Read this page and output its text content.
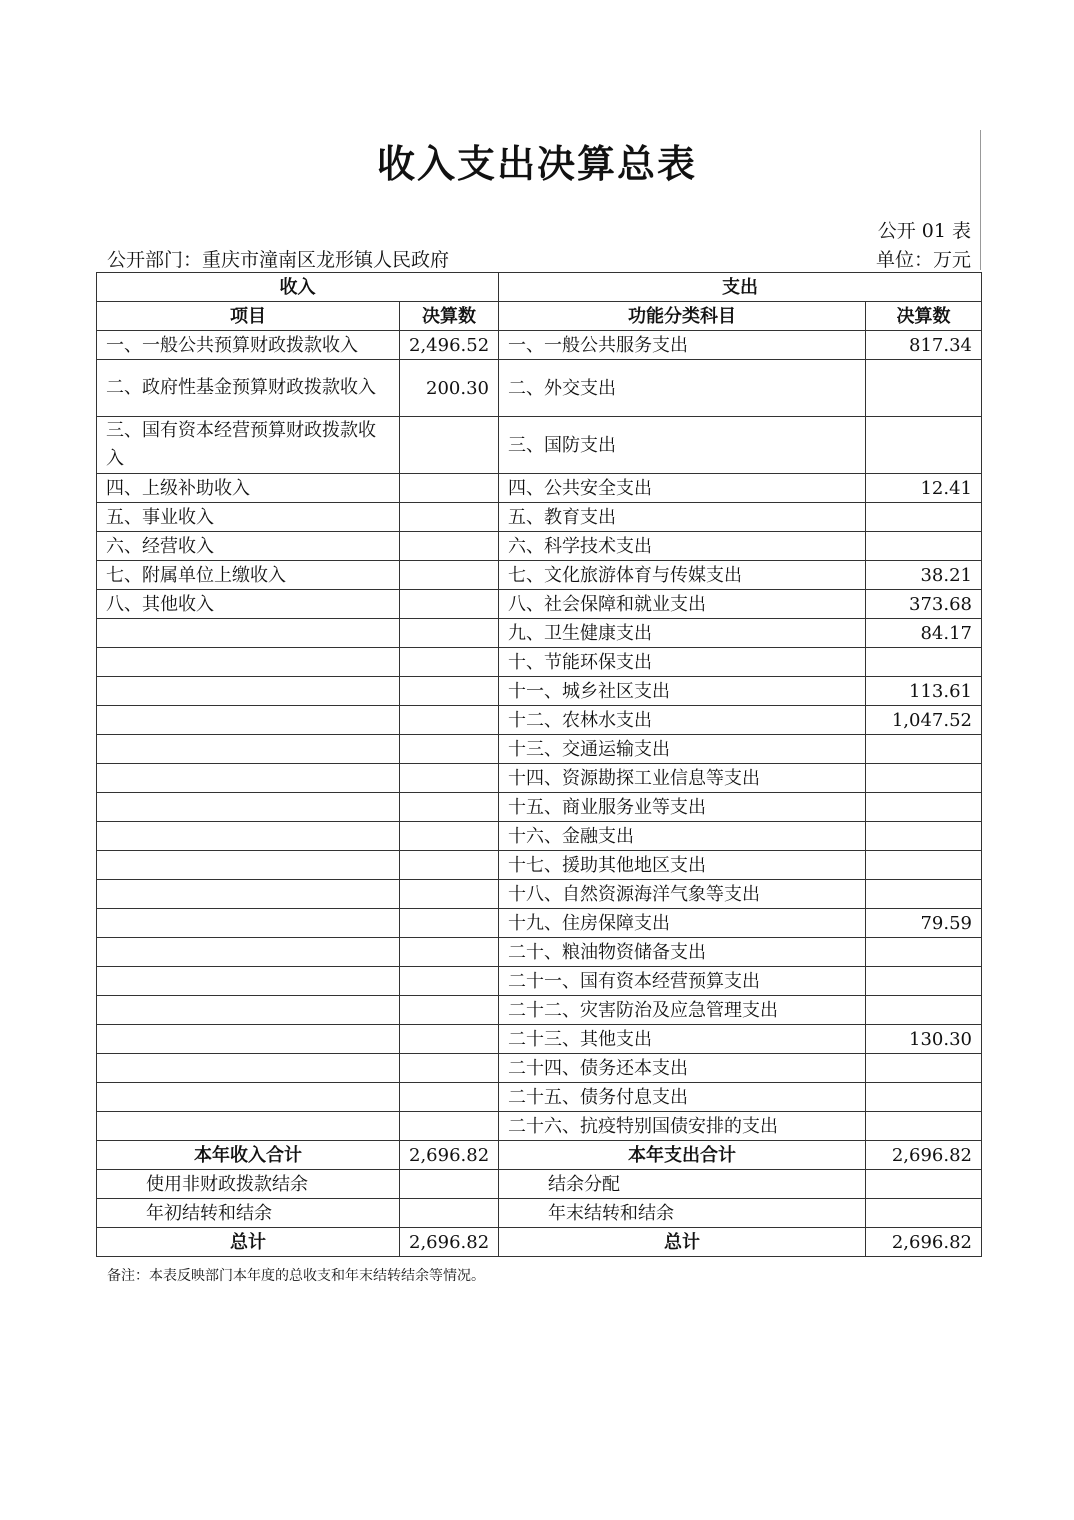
收入支出决算总表
公开 01 表
公开部门：重庆市潼南区龙形镇人民政府	单位：万元
收入		支出	
项目	决算数	功能分类科目	决算数
一、一般公共预算财政拨款收入	2,496.52	一、一般公共服务支出	817.34
二、政府性基金预算财政拨款收入	200.30	二、外交支出	
三、国有资本经营预算财政拨款收入		三、国防支出	
四、上级补助收入		四、公共安全支出	12.41
五、事业收入		五、教育支出	
六、经营收入		六、科学技术支出	
七、附属单位上缴收入		七、文化旅游体育与传媒支出	38.21
八、其他收入		八、社会保障和就业支出	373.68
		九、卫生健康支出	84.17
		十、节能环保支出	
		十一、城乡社区支出	113.61
		十二、农林水支出	1,047.52
		十三、交通运输支出	
		十四、资源勘探工业信息等支出	
		十五、商业服务业等支出	
		十六、金融支出	
		十七、援助其他地区支出	
		十八、自然资源海洋气象等支出	
		十九、住房保障支出	79.59
		二十、粮油物资储备支出	
		二十一、国有资本经营预算支出	
		二十二、灾害防治及应急管理支出	
		二十三、其他支出	130.30
		二十四、债务还本支出	
		二十五、债务付息支出	
		二十六、抗疫特别国债安排的支出	
本年收入合计	2,696.82	本年支出合计	2,696.82
使用非财政拨款结余		结余分配	
年初结转和结余		年末结转和结余	
总计	2,696.82	总计	2,696.82
备注：本表反映部门本年度的总收支和年末结转结余等情况。
